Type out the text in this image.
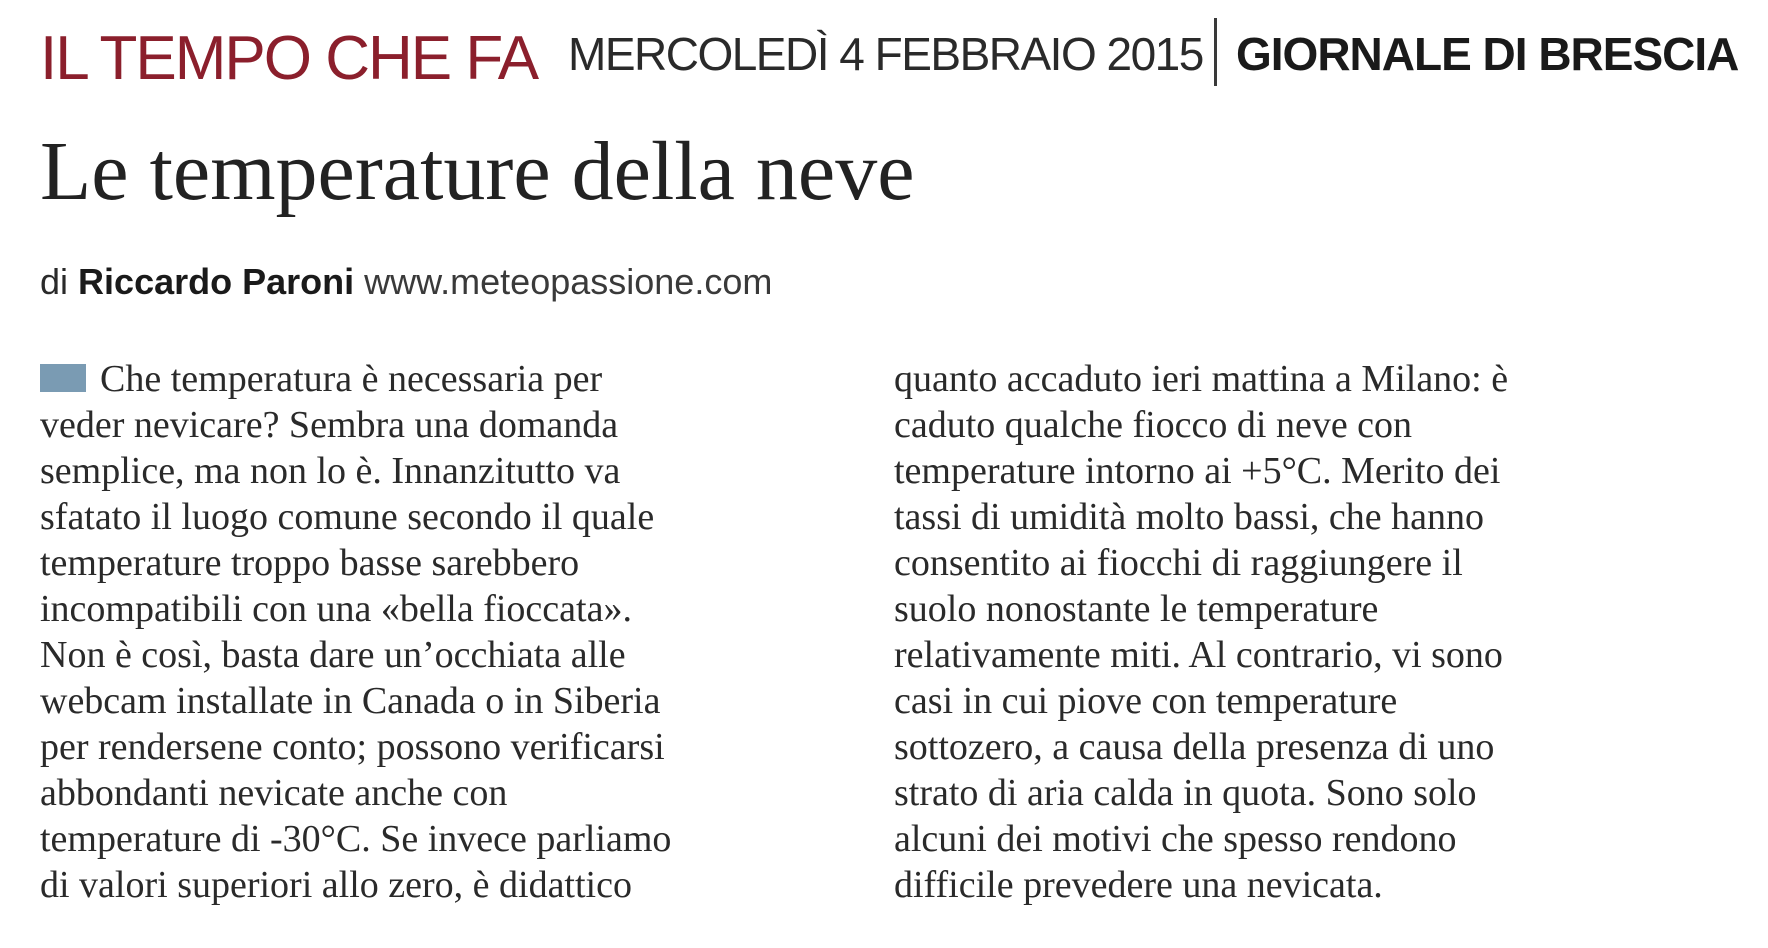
IL TEMPO CHE FA MERCOLEDÌ 4 FEBBRAIO 2015 GIORNALE DI BRESCIA
Le temperature della neve
di Riccardo Paroni www.meteopassione.com
Che temperatura è necessaria per
veder nevicare? Sembra una domanda
semplice, ma non lo è. Innanzitutto va
sfatato il luogo comune secondo il quale
temperature troppo basse sarebbero
incompatibili con una «bella fioccata».
Non è così, basta dare un’occhiata alle
webcam installate in Canada o in Siberia
per rendersene conto; possono verificarsi
abbondanti nevicate anche con
temperature di -30°C. Se invece parliamo
di valori superiori allo zero, è didattico
quanto accaduto ieri mattina a Milano: è
caduto qualche fiocco di neve con
temperature intorno ai +5°C. Merito dei
tassi di umidità molto bassi, che hanno
consentito ai fiocchi di raggiungere il
suolo nonostante le temperature
relativamente miti. Al contrario, vi sono
casi in cui piove con temperature
sottozero, a causa della presenza di uno
strato di aria calda in quota. Sono solo
alcuni dei motivi che spesso rendono
difficile prevedere una nevicata.
